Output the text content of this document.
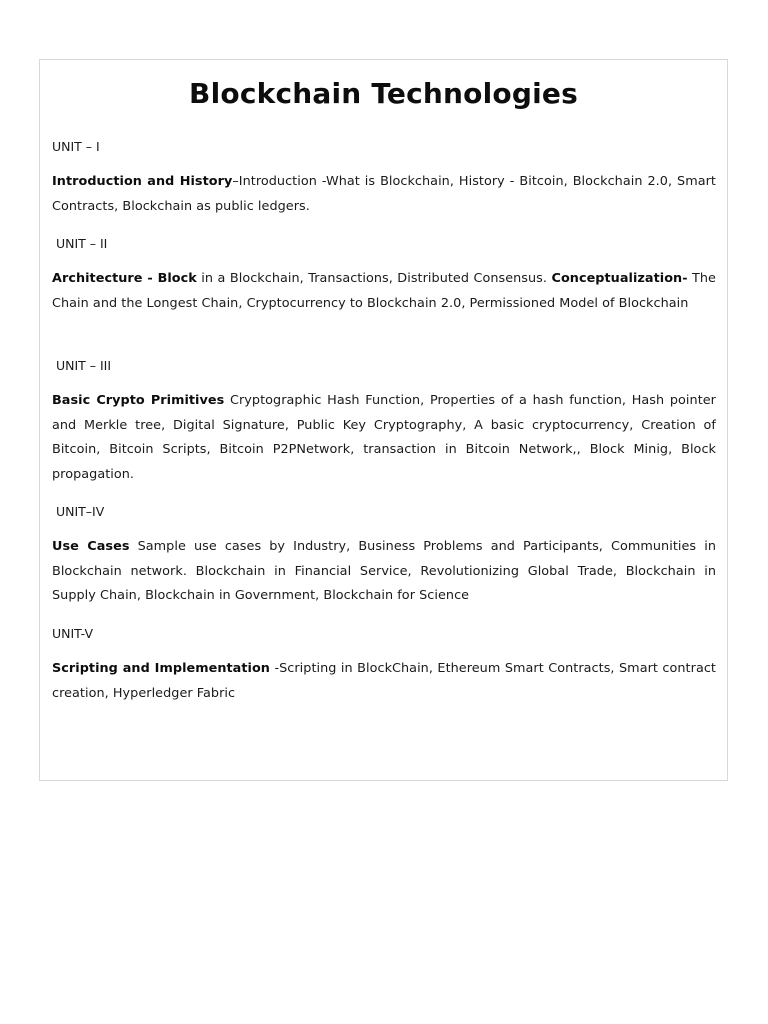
Blockchain Technologies

UNIT – I

Introduction and History–Introduction -What is Blockchain, History - Bitcoin, Blockchain 2.0, Smart Contracts, Blockchain as public ledgers.

UNIT – II

Architecture - Block in a Blockchain, Transactions, Distributed Consensus. Conceptualization- The Chain and the Longest Chain, Cryptocurrency to Blockchain 2.0, Permissioned Model of Blockchain

UNIT – III

Basic Crypto Primitives Cryptographic Hash Function, Properties of a hash function, Hash pointer and Merkle tree, Digital Signature, Public Key Cryptography, A basic cryptocurrency, Creation of Bitcoin, Bitcoin Scripts, Bitcoin P2PNetwork, transaction in Bitcoin Network,, Block Minig, Block propagation.

UNIT–IV

Use Cases Sample use cases by Industry, Business Problems and Participants, Communities in Blockchain network. Blockchain in Financial Service, Revolutionizing Global Trade, Blockchain in Supply Chain, Blockchain in Government, Blockchain for Science

UNIT-V

Scripting and Implementation -Scripting in BlockChain, Ethereum Smart Contracts, Smart contract creation, Hyperledger Fabric
